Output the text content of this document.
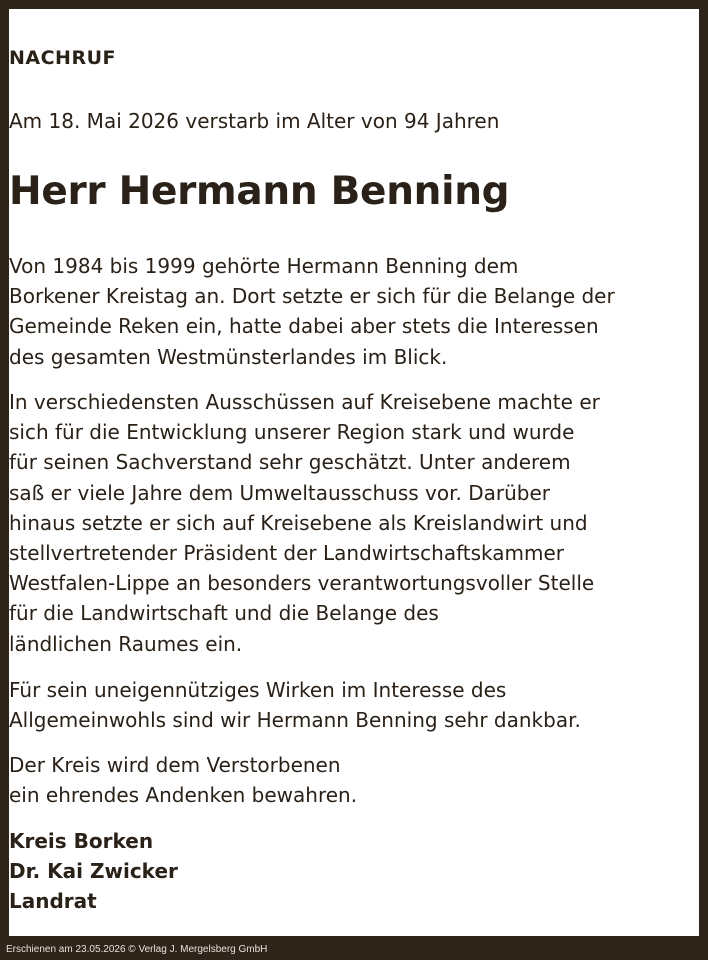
NACHRUF
Am 18. Mai 2026 verstarb im Alter von 94 Jahren
Herr Hermann Benning
Von 1984 bis 1999 gehörte Hermann Benning dem
Borkener Kreistag an. Dort setzte er sich für die Belange der
Gemeinde Reken ein, hatte dabei aber stets die Interessen
des gesamten Westmünsterlandes im Blick.
In verschiedensten Ausschüssen auf Kreisebene machte er
sich für die Entwicklung unserer Region stark und wurde
für seinen Sachverstand sehr geschätzt. Unter anderem
saß er viele Jahre dem Umweltausschuss vor. Darüber
hinaus setzte er sich auf Kreisebene als Kreislandwirt und
stellvertretender Präsident der Landwirtschaftskammer
Westfalen-Lippe an besonders verantwortungsvoller Stelle
für die Landwirtschaft und die Belange des
ländlichen Raumes ein.
Für sein uneigennütziges Wirken im Interesse des
Allgemeinwohls sind wir Hermann Benning sehr dankbar.
Der Kreis wird dem Verstorbenen
ein ehrendes Andenken bewahren.
Kreis Borken
Dr. Kai Zwicker
Landrat
Erschienen am 23.05.2026 © Verlag J. Mergelsberg GmbH
